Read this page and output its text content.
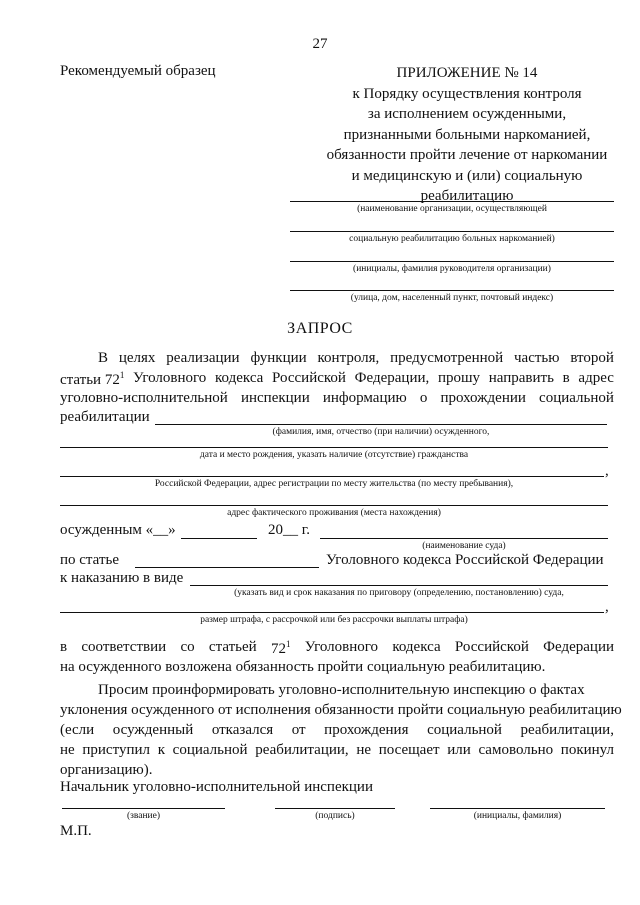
27
Рекомендуемый образец	ПРИЛОЖЕНИЕ № 14
к Порядку осуществления контроля
за исполнением осужденными,
признанными больными наркоманией,
обязанности пройти лечение от наркомании
и медицинскую и (или) социальную
реабилитацию
(наименование организации, осуществляющей
социальную реабилитацию больных наркоманией)
(инициалы, фамилия руководителя организации)
(улица, дом, населенный пункт, почтовый индекс)
ЗАПРОС
В целях реализации функции контроля, предусмотренной частью второй
статьи $72^1$ Уголовного кодекса Российской Федерации, прошу направить в адрес
уголовно-исполнительной инспекции информацию о прохождении социальной
реабилитации
(фамилия, имя, отчество (при наличии) осужденного,
дата и место рождения, указать наличие (отсутствие) гражданства
,
Российской Федерации, адрес регистрации по месту жительства (по месту пребывания),
адрес фактического проживания (места нахождения)
осужденным «__»	20__ г.
(наименование суда)
по статье	Уголовного кодекса Российской Федерации
к наказанию в виде
(указать вид и срок наказания по приговору (определению, постановлению) суда,
,
размер штрафа, с рассрочкой или без рассрочки выплаты штрафа)
в соответствии со статьей $72^1$ Уголовного кодекса Российской Федерации
на осужденного возложена обязанность пройти социальную реабилитацию.
Просим проинформировать уголовно-исполнительную инспекцию о фактах
уклонения осужденного от исполнения обязанности пройти социальную реабилитацию
(если осужденный отказался от прохождения социальной реабилитации,
не приступил к социальной реабилитации, не посещает или самовольно покинул
организацию).
Начальник уголовно-исполнительной инспекции
(звание)	(подпись)	(инициалы, фамилия)
М.П.
